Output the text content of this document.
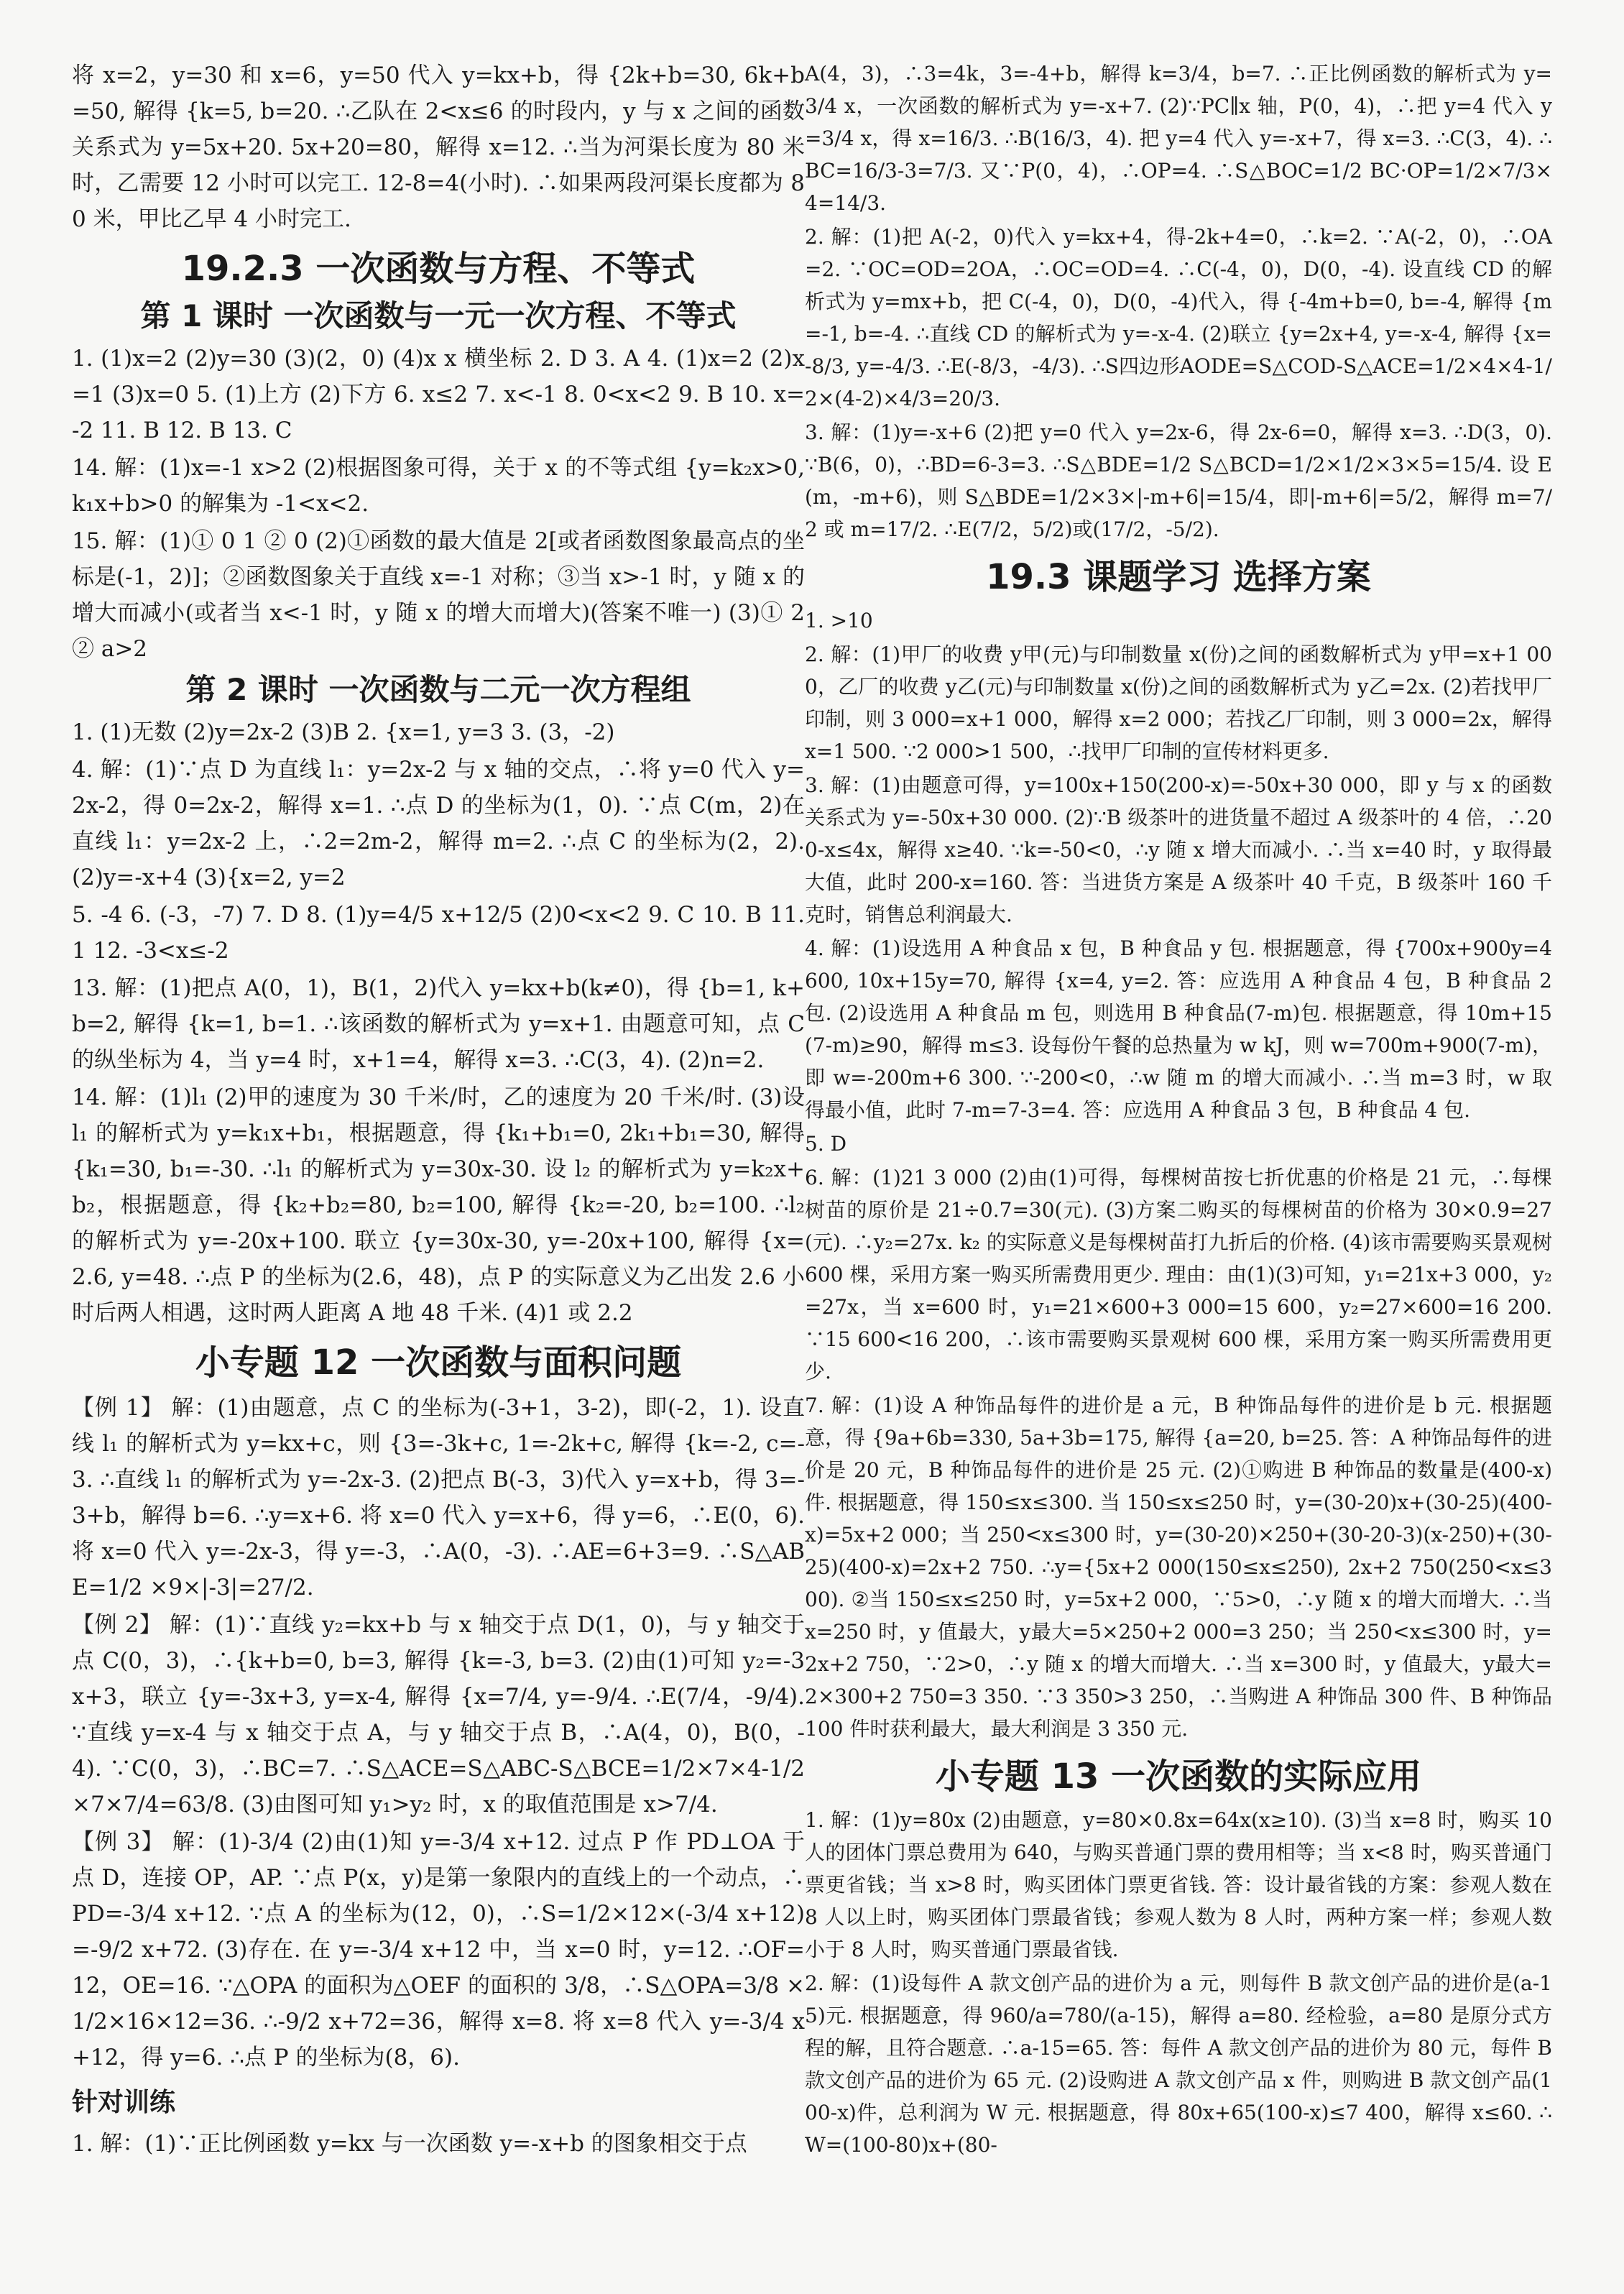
将 x=2，y=30 和 x=6，y=50 代入 y=kx+b，得 {2k+b=30, 6k+b=50, 解得 {k=5, b=20. ∴乙队在 2<x≤6 的时段内，y 与 x 之间的函数关系式为 y=5x+20. 5x+20=80，解得 x=12. ∴当为河渠长度为 80 米时，乙需要 12 小时可以完工. 12-8=4(小时). ∴如果两段河渠长度都为 80 米，甲比乙早 4 小时完工.
19.2.3 一次函数与方程、不等式
第 1 课时 一次函数与一元一次方程、不等式
1. (1)x=2 (2)y=30 (3)(2，0) (4)x x 横坐标 2. D 3. A 4. (1)x=2 (2)x=1 (3)x=0 5. (1)上方 (2)下方 6. x≤2 7. x<-1 8. 0<x<2 9. B 10. x=-2 11. B 12. B 13. C
14. 解：(1)x=-1 x>2 (2)根据图象可得，关于 x 的不等式组 {y=k₂x>0, k₁x+b>0 的解集为 -1<x<2.
15. 解：(1)① 0 1 ② 0 (2)①函数的最大值是 2[或者函数图象最高点的坐标是(-1，2)]；②函数图象关于直线 x=-1 对称；③当 x>-1 时，y 随 x 的增大而减小(或者当 x<-1 时，y 随 x 的增大而增大)(答案不唯一) (3)① 2 ② a>2
第 2 课时 一次函数与二元一次方程组
1. (1)无数 (2)y=2x-2 (3)B 2. {x=1, y=3 3. (3，-2)
4. 解：(1)∵点 D 为直线 l₁：y=2x-2 与 x 轴的交点，∴将 y=0 代入 y=2x-2，得 0=2x-2，解得 x=1. ∴点 D 的坐标为(1，0). ∵点 C(m，2)在直线 l₁：y=2x-2 上，∴2=2m-2，解得 m=2. ∴点 C 的坐标为(2，2). (2)y=-x+4 (3){x=2, y=2
5. -4 6. (-3，-7) 7. D 8. (1)y=4/5 x+12/5 (2)0<x<2 9. C 10. B 11. 1 12. -3<x≤-2
13. 解：(1)把点 A(0，1)，B(1，2)代入 y=kx+b(k≠0)，得 {b=1, k+b=2, 解得 {k=1, b=1. ∴该函数的解析式为 y=x+1. 由题意可知，点 C 的纵坐标为 4，当 y=4 时，x+1=4，解得 x=3. ∴C(3，4). (2)n=2.
14. 解：(1)l₁ (2)甲的速度为 30 千米/时，乙的速度为 20 千米/时. (3)设 l₁ 的解析式为 y=k₁x+b₁，根据题意，得 {k₁+b₁=0, 2k₁+b₁=30, 解得 {k₁=30, b₁=-30. ∴l₁ 的解析式为 y=30x-30. 设 l₂ 的解析式为 y=k₂x+b₂，根据题意，得 {k₂+b₂=80, b₂=100, 解得 {k₂=-20, b₂=100. ∴l₂ 的解析式为 y=-20x+100. 联立 {y=30x-30, y=-20x+100, 解得 {x=2.6, y=48. ∴点 P 的坐标为(2.6，48)，点 P 的实际意义为乙出发 2.6 小时后两人相遇，这时两人距离 A 地 48 千米. (4)1 或 2.2
小专题 12 一次函数与面积问题
【例 1】 解：(1)由题意，点 C 的坐标为(-3+1，3-2)，即(-2，1). 设直线 l₁ 的解析式为 y=kx+c，则 {3=-3k+c, 1=-2k+c, 解得 {k=-2, c=-3. ∴直线 l₁ 的解析式为 y=-2x-3. (2)把点 B(-3，3)代入 y=x+b，得 3=-3+b，解得 b=6. ∴y=x+6. 将 x=0 代入 y=x+6，得 y=6，∴E(0，6). 将 x=0 代入 y=-2x-3，得 y=-3，∴A(0，-3). ∴AE=6+3=9. ∴S△ABE=1/2 ×9×|-3|=27/2.
【例 2】 解：(1)∵直线 y₂=kx+b 与 x 轴交于点 D(1，0)，与 y 轴交于点 C(0，3)，∴{k+b=0, b=3, 解得 {k=-3, b=3. (2)由(1)可知 y₂=-3x+3，联立 {y=-3x+3, y=x-4, 解得 {x=7/4, y=-9/4. ∴E(7/4，-9/4). ∵直线 y=x-4 与 x 轴交于点 A，与 y 轴交于点 B，∴A(4，0)，B(0，-4). ∵C(0，3)，∴BC=7. ∴S△ACE=S△ABC-S△BCE=1/2×7×4-1/2×7×7/4=63/8. (3)由图可知 y₁>y₂ 时，x 的取值范围是 x>7/4.
【例 3】 解：(1)-3/4 (2)由(1)知 y=-3/4 x+12. 过点 P 作 PD⊥OA 于点 D，连接 OP，AP. ∵点 P(x，y)是第一象限内的直线上的一个动点，∴PD=-3/4 x+12. ∵点 A 的坐标为(12，0)，∴S=1/2×12×(-3/4 x+12)=-9/2 x+72. (3)存在. 在 y=-3/4 x+12 中，当 x=0 时，y=12. ∴OF=12，OE=16. ∵△OPA 的面积为△OEF 的面积的 3/8，∴S△OPA=3/8 ×1/2×16×12=36. ∴-9/2 x+72=36，解得 x=8. 将 x=8 代入 y=-3/4 x+12，得 y=6. ∴点 P 的坐标为(8，6).
针对训练
1. 解：(1)∵正比例函数 y=kx 与一次函数 y=-x+b 的图象相交于点
A(4，3)，∴3=4k，3=-4+b，解得 k=3/4，b=7. ∴正比例函数的解析式为 y=3/4 x，一次函数的解析式为 y=-x+7. (2)∵PC∥x 轴，P(0，4)，∴把 y=4 代入 y=3/4 x，得 x=16/3. ∴B(16/3，4). 把 y=4 代入 y=-x+7，得 x=3. ∴C(3，4). ∴BC=16/3-3=7/3. 又∵P(0，4)，∴OP=4. ∴S△BOC=1/2 BC·OP=1/2×7/3×4=14/3.
2. 解：(1)把 A(-2，0)代入 y=kx+4，得-2k+4=0，∴k=2. ∵A(-2，0)，∴OA=2. ∵OC=OD=2OA，∴OC=OD=4. ∴C(-4，0)，D(0，-4). 设直线 CD 的解析式为 y=mx+b，把 C(-4，0)，D(0，-4)代入，得 {-4m+b=0, b=-4, 解得 {m=-1, b=-4. ∴直线 CD 的解析式为 y=-x-4. (2)联立 {y=2x+4, y=-x-4, 解得 {x=-8/3, y=-4/3. ∴E(-8/3，-4/3). ∴S四边形AODE=S△COD-S△ACE=1/2×4×4-1/2×(4-2)×4/3=20/3.
3. 解：(1)y=-x+6 (2)把 y=0 代入 y=2x-6，得 2x-6=0，解得 x=3. ∴D(3，0). ∵B(6，0)，∴BD=6-3=3. ∴S△BDE=1/2 S△BCD=1/2×1/2×3×5=15/4. 设 E(m，-m+6)，则 S△BDE=1/2×3×|-m+6|=15/4，即|-m+6|=5/2，解得 m=7/2 或 m=17/2. ∴E(7/2，5/2)或(17/2，-5/2).
19.3 课题学习 选择方案
1. >10
2. 解：(1)甲厂的收费 y甲(元)与印制数量 x(份)之间的函数解析式为 y甲=x+1 000，乙厂的收费 y乙(元)与印制数量 x(份)之间的函数解析式为 y乙=2x. (2)若找甲厂印制，则 3 000=x+1 000，解得 x=2 000；若找乙厂印制，则 3 000=2x，解得 x=1 500. ∵2 000>1 500，∴找甲厂印制的宣传材料更多.
3. 解：(1)由题意可得，y=100x+150(200-x)=-50x+30 000，即 y 与 x 的函数关系式为 y=-50x+30 000. (2)∵B 级茶叶的进货量不超过 A 级茶叶的 4 倍，∴200-x≤4x，解得 x≥40. ∵k=-50<0，∴y 随 x 增大而减小. ∴当 x=40 时，y 取得最大值，此时 200-x=160. 答：当进货方案是 A 级茶叶 40 千克，B 级茶叶 160 千克时，销售总利润最大.
4. 解：(1)设选用 A 种食品 x 包，B 种食品 y 包. 根据题意，得 {700x+900y=4 600, 10x+15y=70, 解得 {x=4, y=2. 答：应选用 A 种食品 4 包，B 种食品 2 包. (2)设选用 A 种食品 m 包，则选用 B 种食品(7-m)包. 根据题意，得 10m+15(7-m)≥90，解得 m≤3. 设每份午餐的总热量为 w kJ，则 w=700m+900(7-m)，即 w=-200m+6 300. ∵-200<0，∴w 随 m 的增大而减小. ∴当 m=3 时，w 取得最小值，此时 7-m=7-3=4. 答：应选用 A 种食品 3 包，B 种食品 4 包.
5. D
6. 解：(1)21 3 000 (2)由(1)可得，每棵树苗按七折优惠的价格是 21 元，∴每棵树苗的原价是 21÷0.7=30(元). (3)方案二购买的每棵树苗的价格为 30×0.9=27(元). ∴y₂=27x. k₂ 的实际意义是每棵树苗打九折后的价格. (4)该市需要购买景观树 600 棵，采用方案一购买所需费用更少. 理由：由(1)(3)可知，y₁=21x+3 000，y₂=27x，当 x=600 时，y₁=21×600+3 000=15 600，y₂=27×600=16 200. ∵15 600<16 200，∴该市需要购买景观树 600 棵，采用方案一购买所需费用更少.
7. 解：(1)设 A 种饰品每件的进价是 a 元，B 种饰品每件的进价是 b 元. 根据题意，得 {9a+6b=330, 5a+3b=175, 解得 {a=20, b=25. 答：A 种饰品每件的进价是 20 元，B 种饰品每件的进价是 25 元. (2)①购进 B 种饰品的数量是(400-x)件. 根据题意，得 150≤x≤300. 当 150≤x≤250 时，y=(30-20)x+(30-25)(400-x)=5x+2 000；当 250<x≤300 时，y=(30-20)×250+(30-20-3)(x-250)+(30-25)(400-x)=2x+2 750. ∴y={5x+2 000(150≤x≤250), 2x+2 750(250<x≤300). ②当 150≤x≤250 时，y=5x+2 000，∵5>0，∴y 随 x 的增大而增大. ∴当 x=250 时，y 值最大，y最大=5×250+2 000=3 250；当 250<x≤300 时，y=2x+2 750，∵2>0，∴y 随 x 的增大而增大. ∴当 x=300 时，y 值最大，y最大=2×300+2 750=3 350. ∵3 350>3 250，∴当购进 A 种饰品 300 件、B 种饰品 100 件时获利最大，最大利润是 3 350 元.
小专题 13 一次函数的实际应用
1. 解：(1)y=80x (2)由题意，y=80×0.8x=64x(x≥10). (3)当 x=8 时，购买 10 人的团体门票总费用为 640，与购买普通门票的费用相等；当 x<8 时，购买普通门票更省钱；当 x>8 时，购买团体门票更省钱. 答：设计最省钱的方案：参观人数在 8 人以上时，购买团体门票最省钱；参观人数为 8 人时，两种方案一样；参观人数小于 8 人时，购买普通门票最省钱.
2. 解：(1)设每件 A 款文创产品的进价为 a 元，则每件 B 款文创产品的进价是(a-15)元. 根据题意，得 960/a=780/(a-15)，解得 a=80. 经检验，a=80 是原分式方程的解，且符合题意. ∴a-15=65. 答：每件 A 款文创产品的进价为 80 元，每件 B 款文创产品的进价为 65 元. (2)设购进 A 款文创产品 x 件，则购进 B 款文创产品(100-x)件，总利润为 W 元. 根据题意，得 80x+65(100-x)≤7 400，解得 x≤60. ∴W=(100-80)x+(80-
